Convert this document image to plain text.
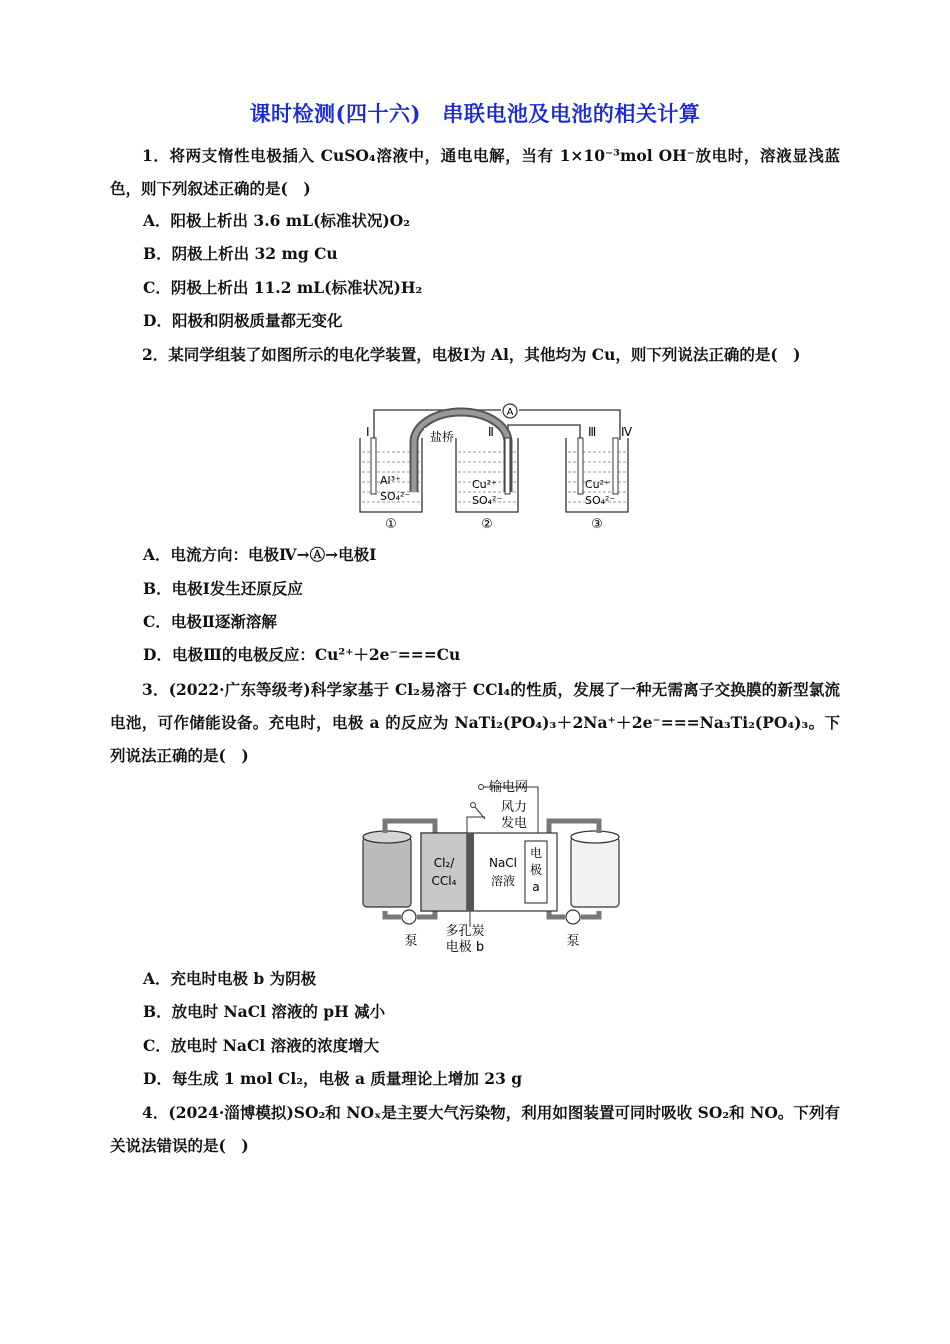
课时检测(四十六)　串联电池及电池的相关计算
1．将两支惰性电极插入 CuSO₄溶液中，通电电解，当有 1×10⁻³mol OH⁻放电时，溶液显浅蓝色，则下列叙述正确的是(　)
A．阳极上析出 3.6 mL(标准状况)O₂
B．阴极上析出 32 mg Cu
C．阴极上析出 11.2 mL(标准状况)H₂
D．阳极和阴极质量都无变化
2．某同学组装了如图所示的电化学装置，电极Ⅰ为 Al，其他均为 Cu，则下列说法正确的是(　)
A
Ⅰ
Al³⁺
SO₄²⁻
①
盐桥	Ⅱ
Cu²⁺
SO₄²⁻
②
Ⅲ Ⅳ
Cu²⁺
SO₄²⁻
③
A．电流方向：电极Ⅳ→Ⓐ→电极Ⅰ
B．电极Ⅰ发生还原反应
C．电极Ⅱ逐渐溶解
D．电极Ⅲ的电极反应：Cu²⁺＋2e⁻===Cu
3．(2022·广东等级考)科学家基于 Cl₂易溶于 CCl₄的性质，发展了一种无需离子交换膜的新型氯流电池，可作储能设备。充电时，电极 a 的反应为 NaTi₂(PO₄)₃＋2Na⁺＋2e⁻===Na₃Ti₂(PO₄)₃。下列说法正确的是(　)
输电网
风力
发电
泵	泵
Cl₂/
CCl₄
NaCl
溶液
电
极
a
多孔炭
电极 b
A．充电时电极 b 为阴极
B．放电时 NaCl 溶液的 pH 减小
C．放电时 NaCl 溶液的浓度增大
D．每生成 1 mol Cl₂，电极 a 质量理论上增加 23 g
4．(2024·淄博模拟)SO₂和 NOₓ是主要大气污染物，利用如图装置可同时吸收 SO₂和 NO。下列有关说法错误的是(　)
